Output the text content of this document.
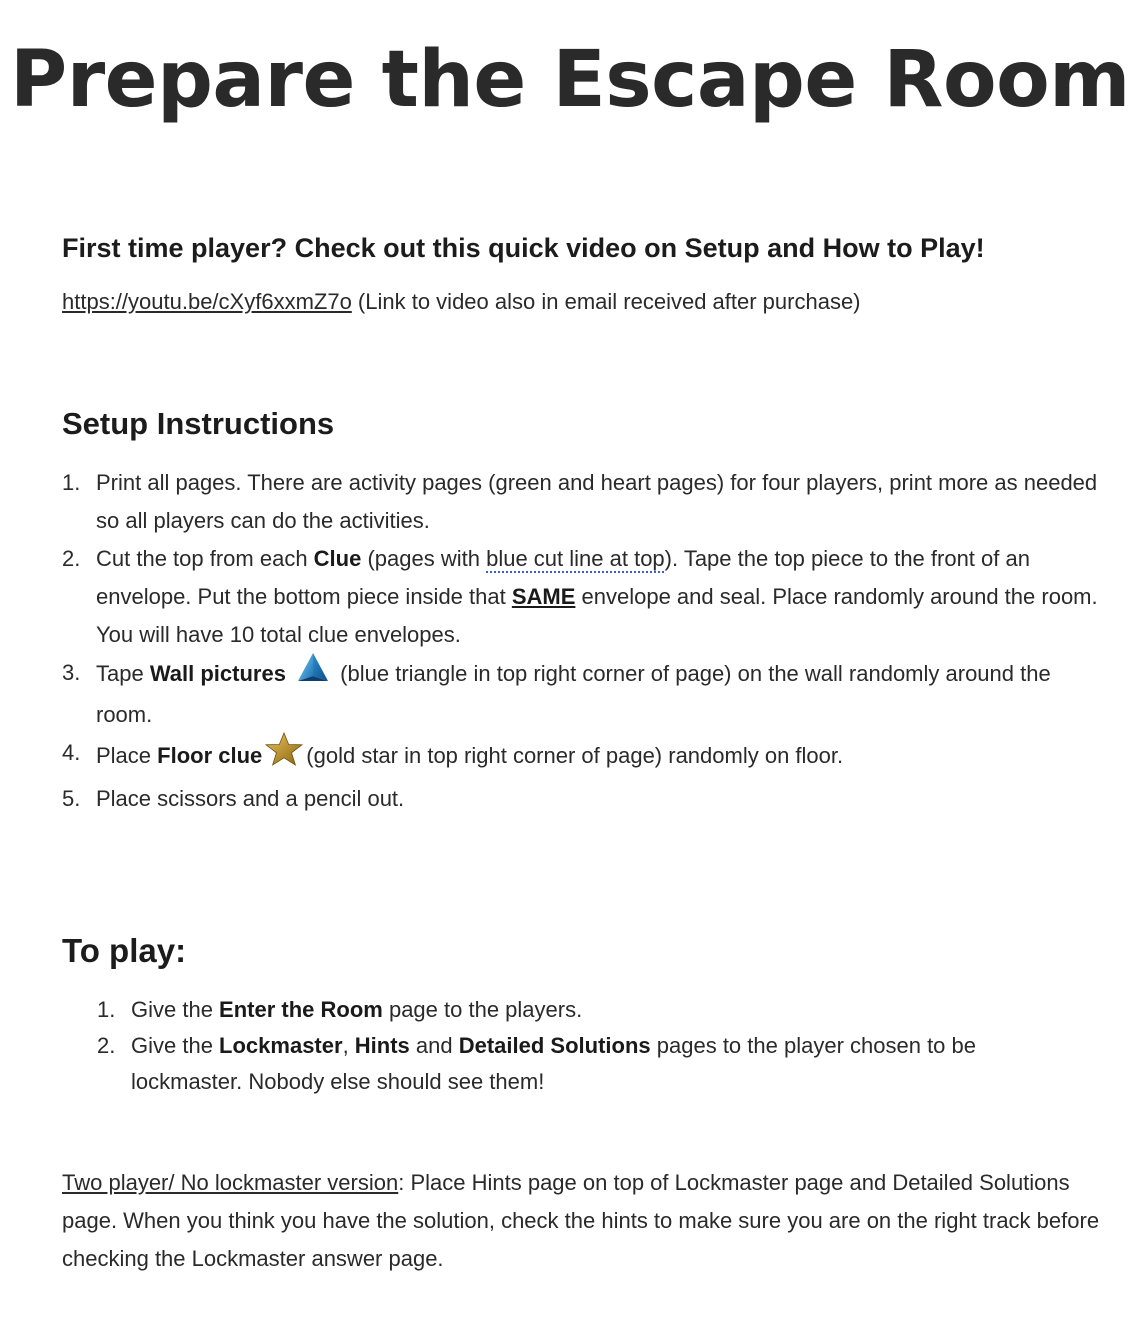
Prepare the Escape Room
First time player? Check out this quick video on Setup and How to Play!
https://youtu.be/cXyf6xxmZ7o (Link to video also in email received after purchase)
Setup Instructions
1. Print all pages. There are activity pages (green and heart pages) for four players, print more as needed so all players can do the activities.
2. Cut the top from each Clue (pages with blue cut line at top). Tape the top piece to the front of an envelope. Put the bottom piece inside that SAME envelope and seal. Place randomly around the room. You will have 10 total clue envelopes.
3. Tape Wall pictures  (blue triangle in top right corner of page) on the wall randomly around the room.
4. Place Floor clue (gold star in top right corner of page) randomly on floor.
5. Place scissors and a pencil out.
To play:
1. Give the Enter the Room page to the players.
2. Give the Lockmaster, Hints and Detailed Solutions pages to the player chosen to be lockmaster. Nobody else should see them!
Two player/ No lockmaster version: Place Hints page on top of Lockmaster page and Detailed Solutions page. When you think you have the solution, check the hints to make sure you are on the right track before checking the Lockmaster answer page.
